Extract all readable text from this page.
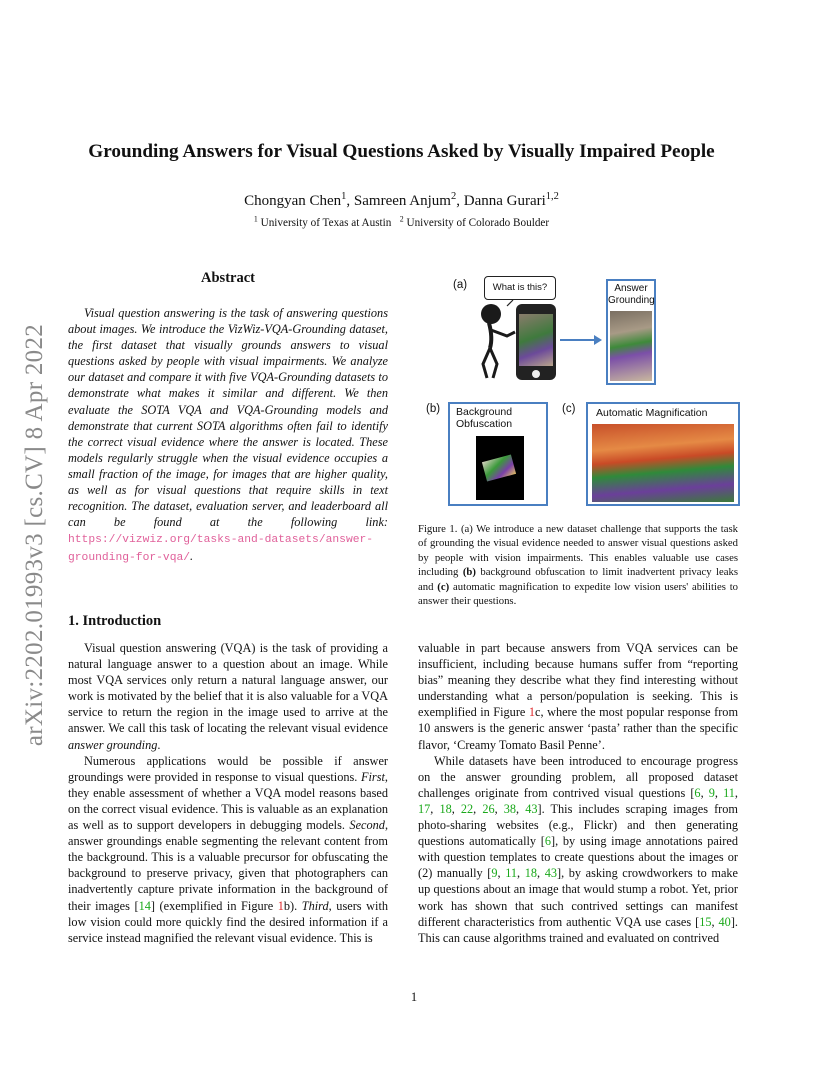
arXiv:2202.01993v3 [cs.CV] 8 Apr 2022
Grounding Answers for Visual Questions Asked by Visually Impaired People
Chongyan Chen$^1$, Samreen Anjum$^2$, Danna Gurari$^{1,2}$
$^1$ University of Texas at Austin $^2$ University of Colorado Boulder
Abstract

Visual question answering is the task of answering questions about images. We introduce the VizWiz-VQA-Grounding dataset, the first dataset that visually grounds answers to visual questions asked by people with visual impairments. We analyze our dataset and compare it with five VQA-Grounding datasets to demonstrate what makes it similar and different. We then evaluate the SOTA VQA and VQA-Grounding models and demonstrate that current SOTA algorithms often fail to identify the correct visual evidence where the answer is located. These models regularly struggle when the visual evidence occupies a small fraction of the image, for images that are higher quality, as well as for visual questions that require skills in text recognition. The dataset, evaluation server, and leaderboard all can be found at the following link: https://vizwiz.org/tasks-and-datasets/answer-grounding-for-vqa/.

(a)	What is this?	Answer Grounding
(b)	Background Obfuscation
(c)	Automatic Magnification
Figure 1. (a) We introduce a new dataset challenge that supports the task of grounding the visual evidence needed to answer visual questions asked by people with vision impairments. This enables valuable use cases including (b) background obfuscation to limit inadvertent privacy leaks and (c) automatic magnification to expedite low vision users' abilities to answer their questions.
1. Introduction

Visual question answering (VQA) is the task of providing a natural language answer to a question about an image. While most VQA services only return a natural language answer, our work is motivated by the belief that it is also valuable for a VQA service to return the region in the image used to arrive at the answer. We call this task of locating the relevant visual evidence answer grounding.

Numerous applications would be possible if answer groundings were provided in response to visual questions. First, they enable assessment of whether a VQA model reasons based on the correct visual evidence. This is valuable as an explanation as well as to support developers in debugging models. Second, answer groundings enable segmenting the relevant content from the background. This is a valuable precursor for obfuscating the background to preserve privacy, given that photographers can inadvertently capture private information in the background of their images [14] (exemplified in Figure 1b). Third, users with low vision could more quickly find the desired information if a service instead magnified the relevant visual evidence. This is

valuable in part because answers from VQA services can be insufficient, including because humans suffer from “reporting bias” meaning they describe what they find interesting without understanding what a person/population is seeking. This is exemplified in Figure 1c, where the most popular response from 10 answers is the generic answer ‘pasta’ rather than the specific flavor, ‘Creamy Tomato Basil Penne’.

While datasets have been introduced to encourage progress on the answer grounding problem, all proposed dataset challenges originate from contrived visual questions [6, 9, 11, 17, 18, 22, 26, 38, 43]. This includes scraping images from photo-sharing websites (e.g., Flickr) and then generating questions automatically [6], by using image annotations paired with question templates to create questions about the images or (2) manually [9, 11, 18, 43], by asking crowdworkers to make up questions about an image that would stump a robot. Yet, prior work has shown that such contrived settings can manifest different characteristics from authentic VQA use cases [15, 40]. This can cause algorithms trained and evaluated on contrived

1
